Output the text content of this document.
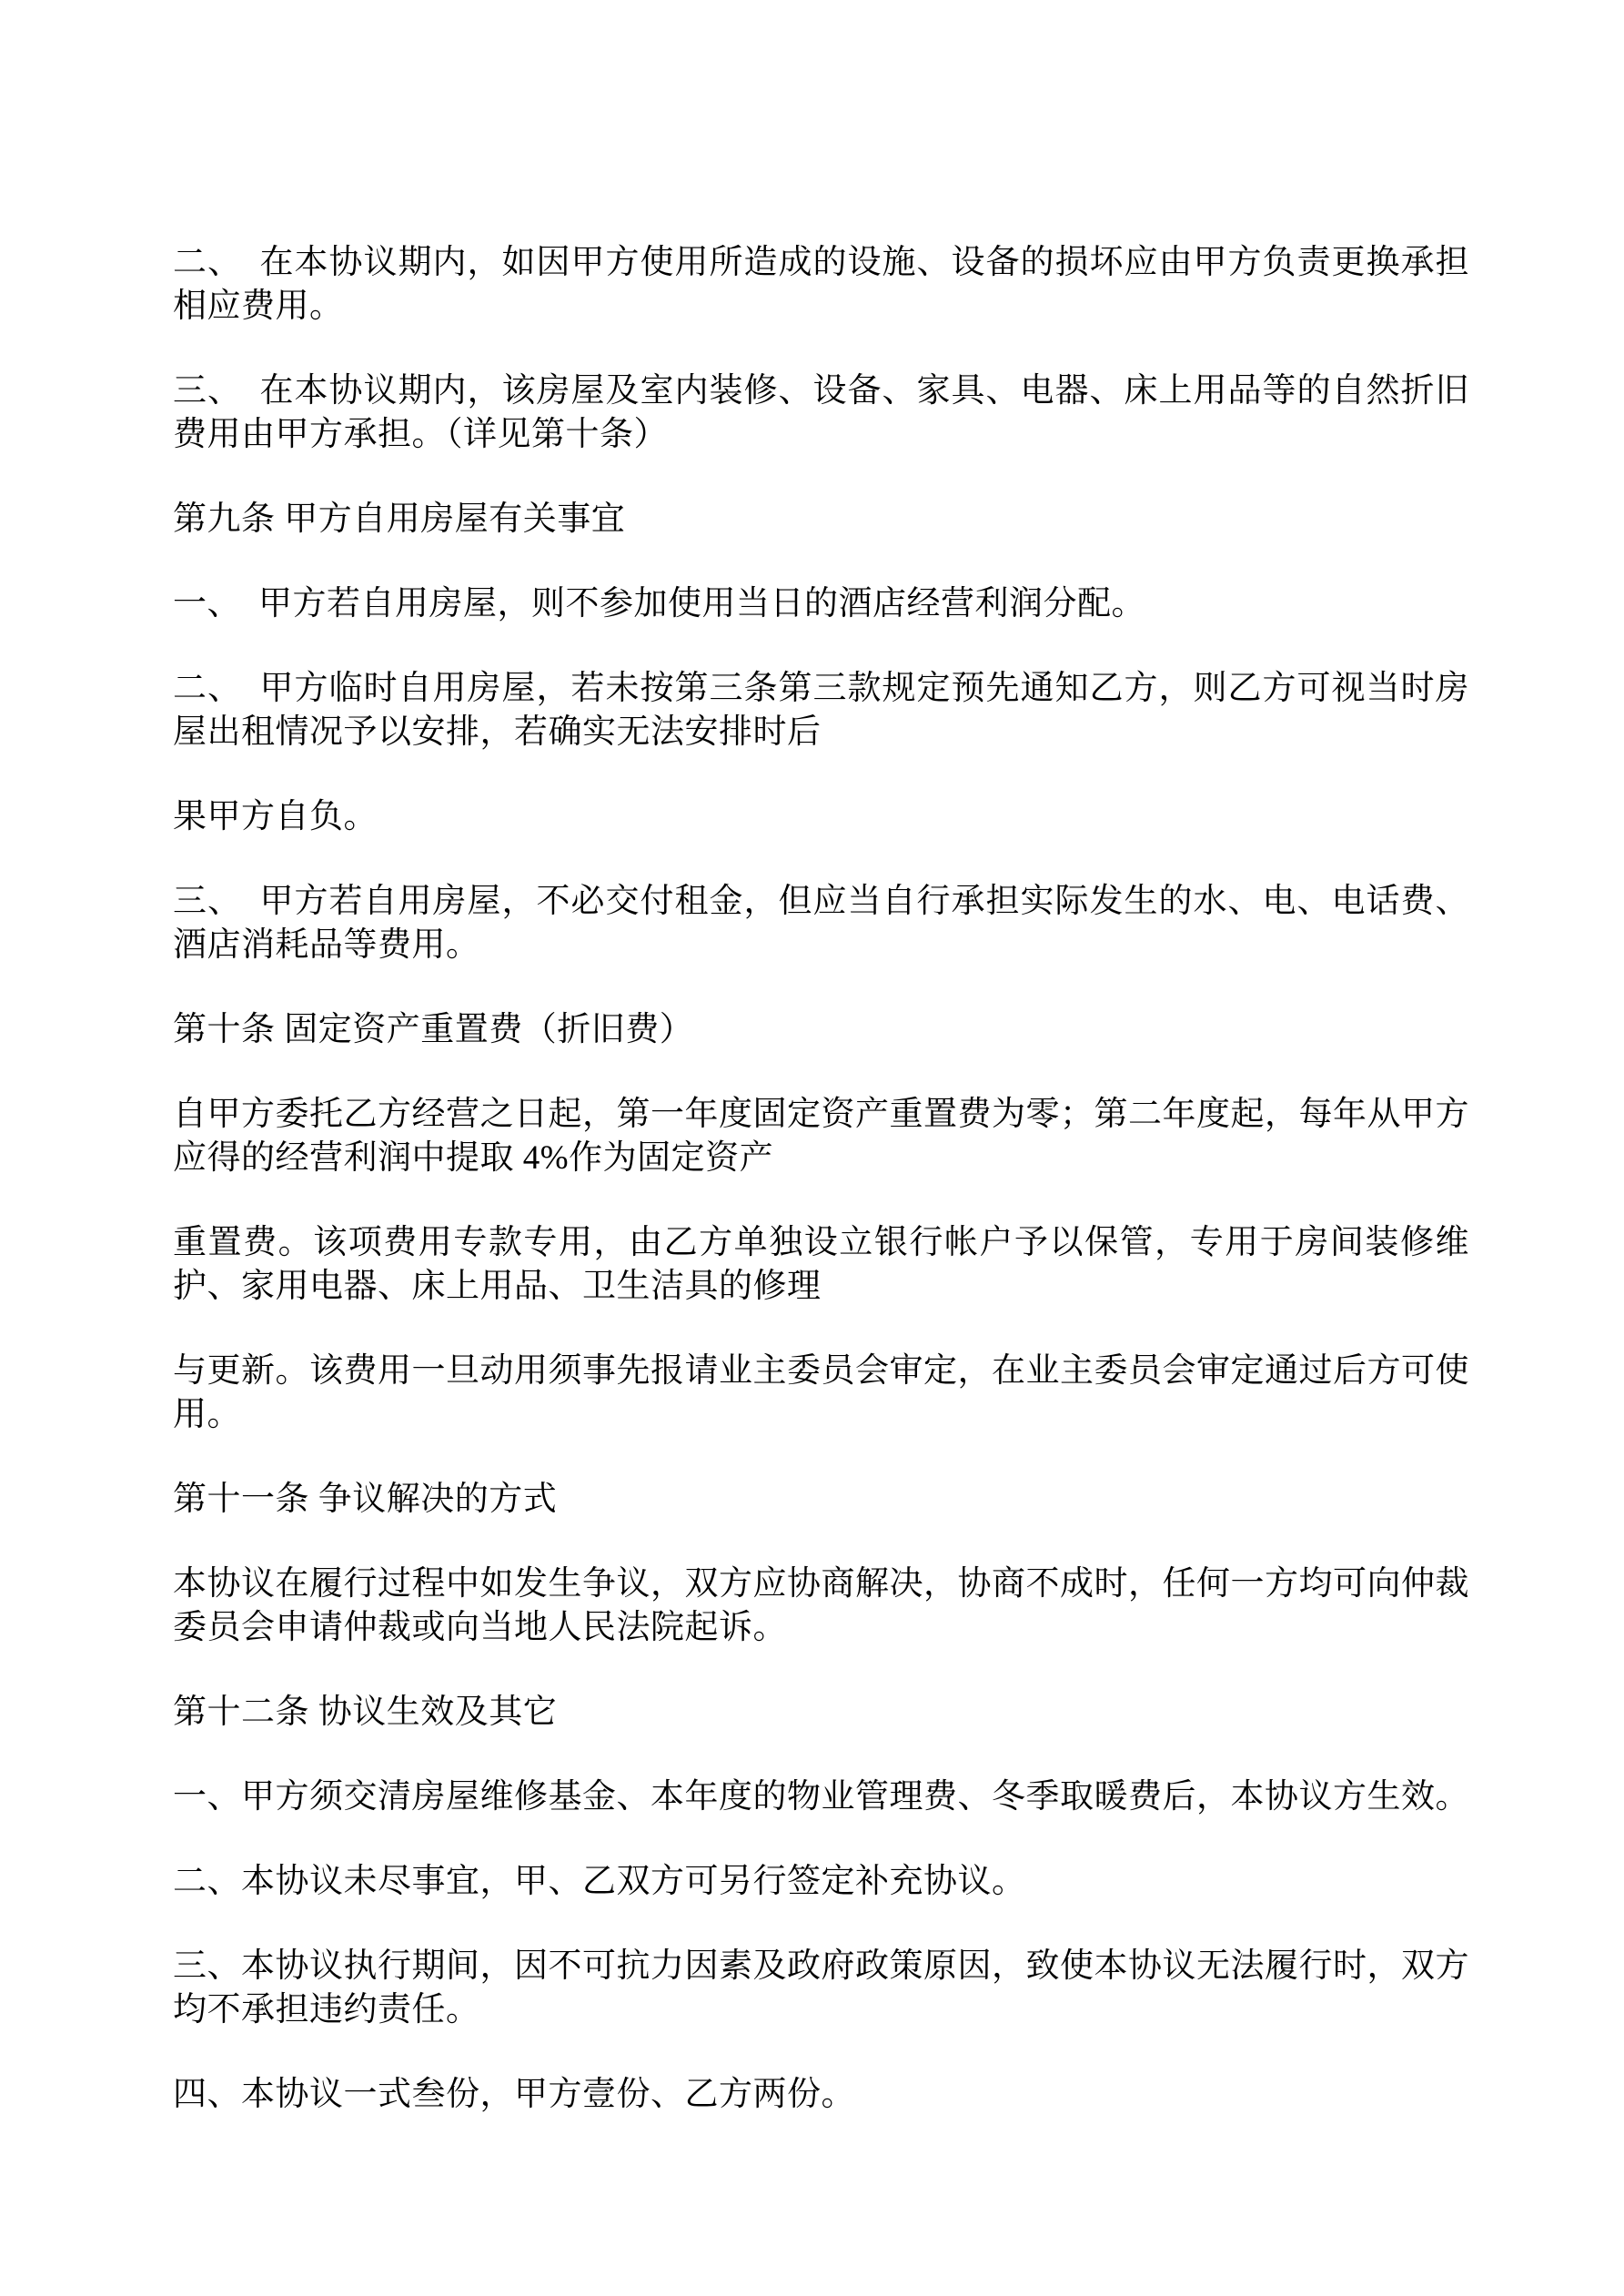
二、　在本协议期内，如因甲方使用所造成的设施、设备的损坏应由甲方负责更换承担相应费用。

三、　在本协议期内，该房屋及室内装修、设备、家具、电器、床上用品等的自然折旧费用由甲方承担。（详见第十条）

第九条 甲方自用房屋有关事宜

一、　甲方若自用房屋，则不参加使用当日的酒店经营利润分配。

二、　甲方临时自用房屋，若未按第三条第三款规定预先通知乙方，则乙方可视当时房屋出租情况予以安排，若确实无法安排时后

果甲方自负。

三、　甲方若自用房屋，不必交付租金，但应当自行承担实际发生的水、电、电话费、酒店消耗品等费用。

第十条 固定资产重置费（折旧费）

自甲方委托乙方经营之日起，第一年度固定资产重置费为零；第二年度起，每年从甲方应得的经营利润中提取 4%作为固定资产

重置费。该项费用专款专用，由乙方单独设立银行帐户予以保管，专用于房间装修维护、家用电器、床上用品、卫生洁具的修理

与更新。该费用一旦动用须事先报请业主委员会审定，在业主委员会审定通过后方可使用。

第十一条 争议解决的方式

本协议在履行过程中如发生争议，双方应协商解决，协商不成时，任何一方均可向仲裁委员会申请仲裁或向当地人民法院起诉。

第十二条 协议生效及其它

一、甲方须交清房屋维修基金、本年度的物业管理费、冬季取暖费后，本协议方生效。

二、本协议未尽事宜，甲、乙双方可另行签定补充协议。

三、本协议执行期间，因不可抗力因素及政府政策原因，致使本协议无法履行时，双方均不承担违约责任。

四、本协议一式叁份，甲方壹份、乙方两份。
